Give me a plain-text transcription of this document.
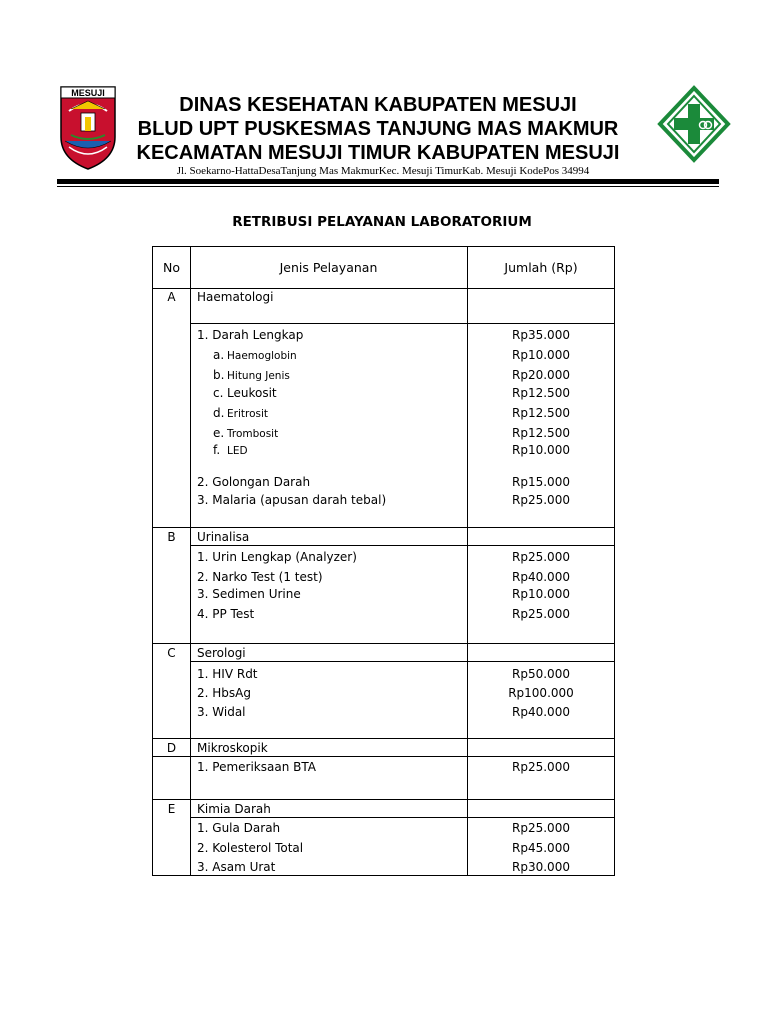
MESUJI
DINAS KESEHATAN KABUPATEN MESUJI
BLUD UPT PUSKESMAS TANJUNG MAS MAKMUR
KECAMATAN MESUJI TIMUR KABUPATEN MESUJI
Jl. Soekarno-HattaDesaTanjung Mas MakmurKec. Mesuji TimurKab. Mesuji KodePos 34994
RETRIBUSI PELAYANAN LABORATORIUM
No	Jenis Pelayanan	Jumlah (Rp)
A	Haematologi
1. Darah Lengkap	Rp35.000
a. Haemoglobin	Rp10.000
b. Hitung Jenis	Rp20.000
c. Leukosit	Rp12.500
d. Eritrosit	Rp12.500
e. Trombosit	Rp12.500
f. LED	Rp10.000
2. Golongan Darah	Rp15.000
3. Malaria (apusan darah tebal)	Rp25.000
B	Urinalisa
1. Urin Lengkap (Analyzer)	Rp25.000
2. Narko Test (1 test)	Rp40.000
3. Sedimen Urine	Rp10.000
4. PP Test	Rp25.000
C	Serologi
1. HIV Rdt	Rp50.000
2. HbsAg	Rp100.000
3. Widal	Rp40.000
D	Mikroskopik
1. Pemeriksaan BTA	Rp25.000
E	Kimia Darah
1. Gula Darah	Rp25.000
2. Kolesterol Total	Rp45.000
3. Asam Urat	Rp30.000
